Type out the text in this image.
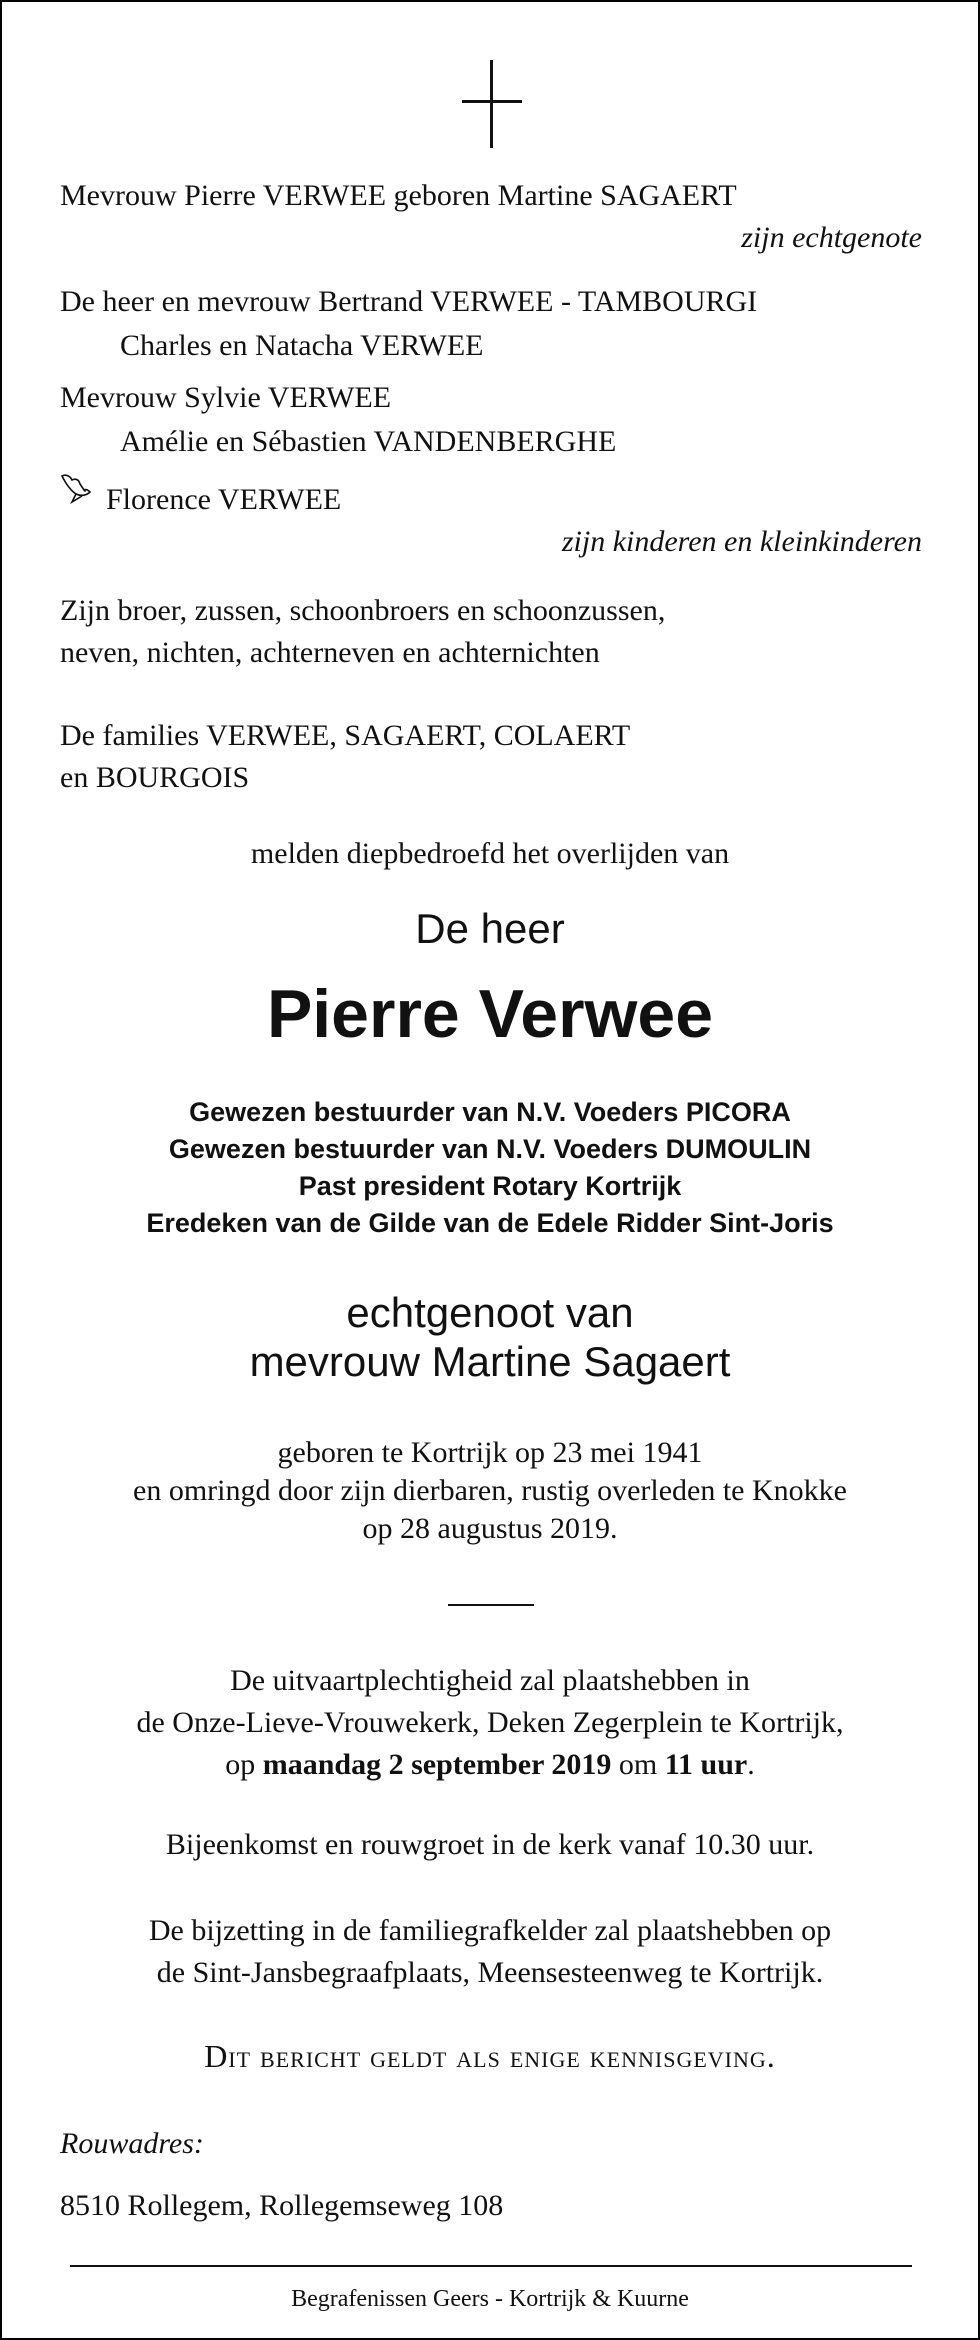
Mevrouw Pierre VERWEE geboren Martine SAGAERT
zijn echtgenote
De heer en mevrouw Bertrand VERWEE - TAMBOURGI
Charles en Natacha VERWEE
Mevrouw Sylvie VERWEE
Amélie en Sébastien VANDENBERGHE
Florence VERWEE
zijn kinderen en kleinkinderen
Zijn broer, zussen, schoonbroers en schoonzussen,
neven, nichten, achterneven en achternichten
De families VERWEE, SAGAERT, COLAERT
en BOURGOIS
melden diepbedroefd het overlijden van
De heer
Pierre Verwee
Gewezen bestuurder van N.V. Voeders PICORA
Gewezen bestuurder van N.V. Voeders DUMOULIN
Past president Rotary Kortrijk
Eredeken van de Gilde van de Edele Ridder Sint-Joris
echtgenoot van
mevrouw Martine Sagaert
geboren te Kortrijk op 23 mei 1941
en omringd door zijn dierbaren, rustig overleden te Knokke
op 28 augustus 2019.
De uitvaartplechtigheid zal plaatshebben in
de Onze-Lieve-Vrouwekerk, Deken Zegerplein te Kortrijk,
op maandag 2 september 2019 om 11 uur.
Bijeenkomst en rouwgroet in de kerk vanaf 10.30 uur.
De bijzetting in de familiegrafkelder zal plaatshebben op
de Sint-Jansbegraafplaats, Meensesteenweg te Kortrijk.
Dit bericht geldt als enige kennisgeving.
Rouwadres:
8510 Rollegem, Rollegemseweg 108
Begrafenissen Geers - Kortrijk & Kuurne
